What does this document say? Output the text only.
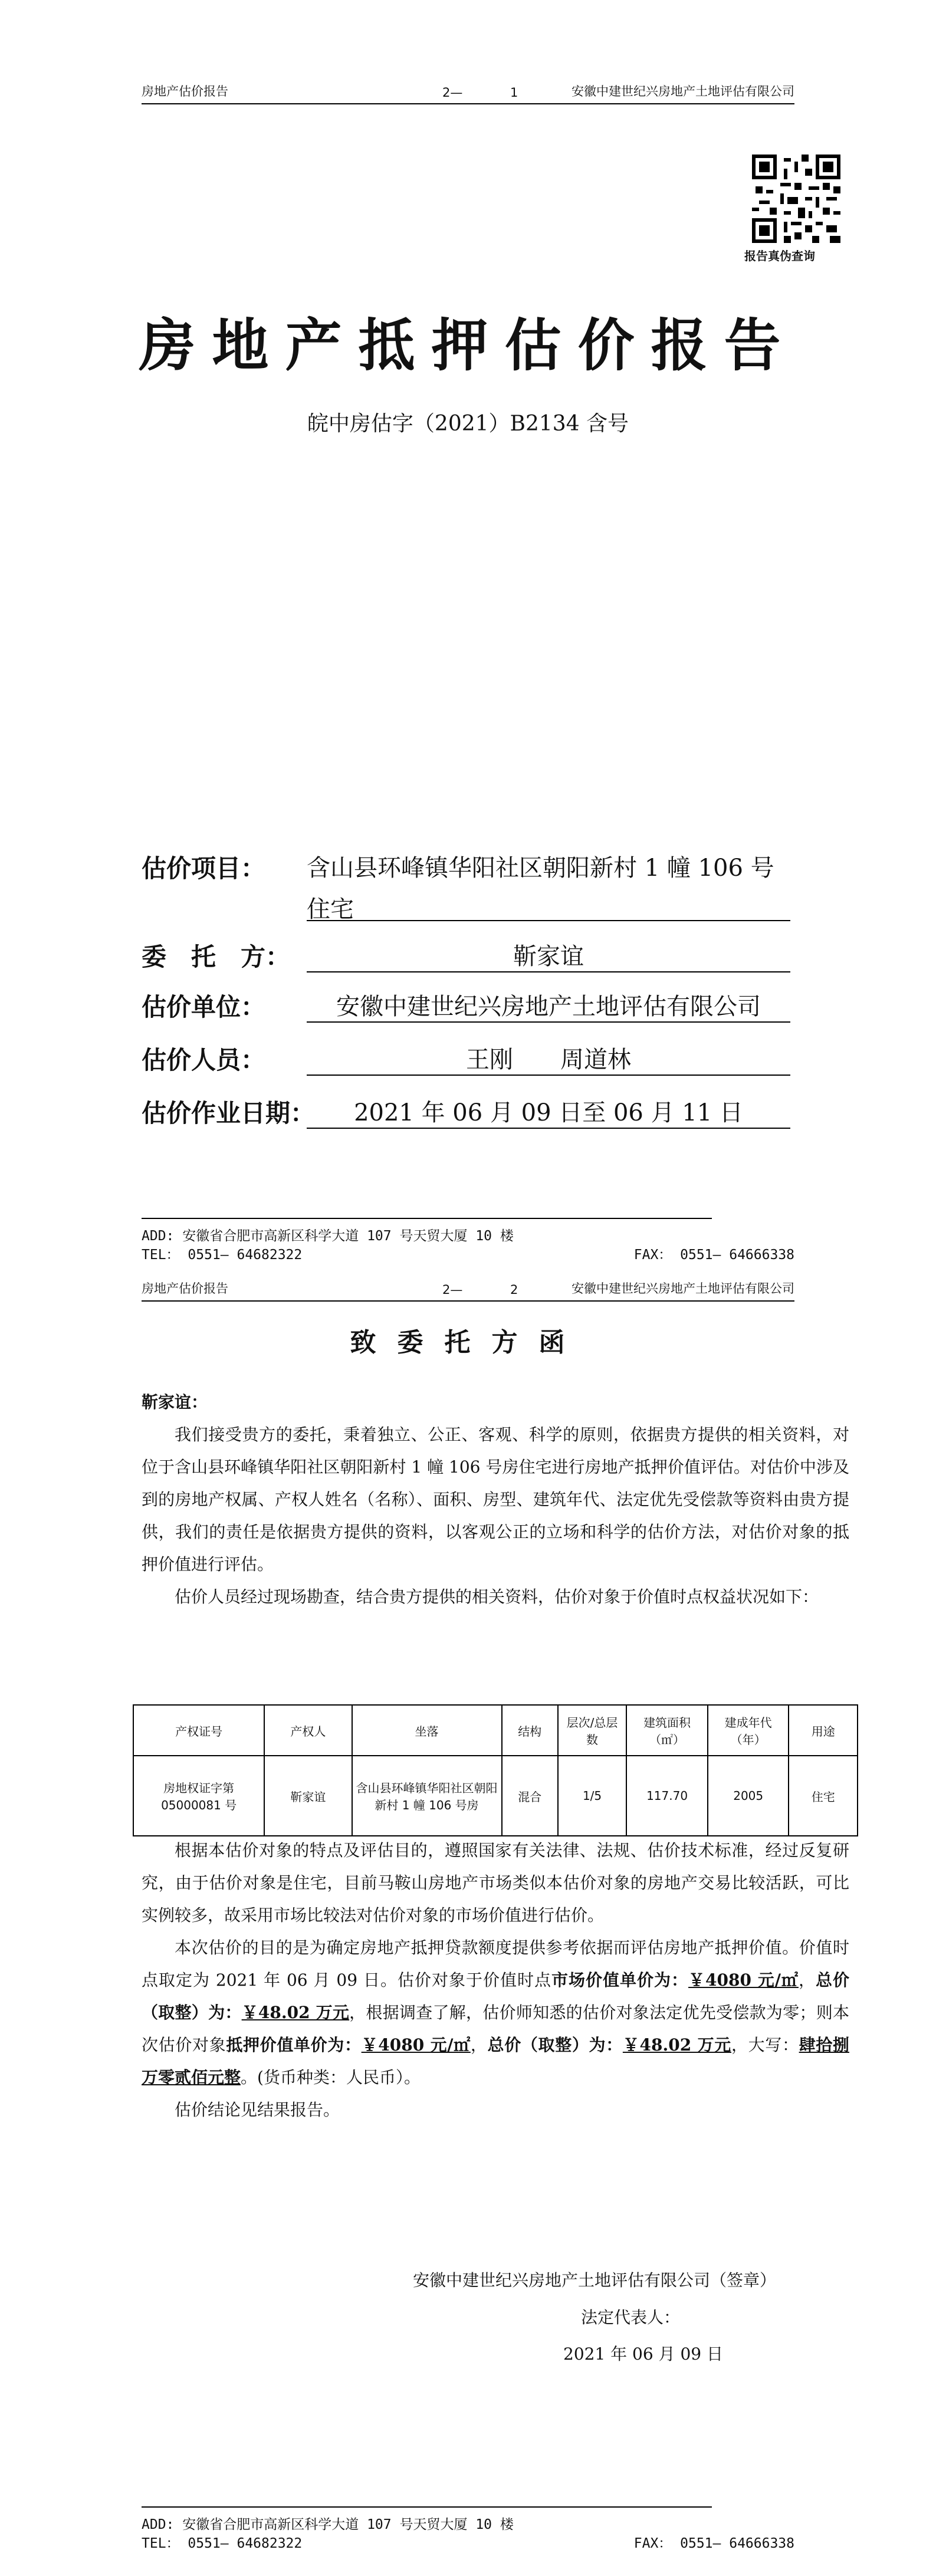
房地产估价报告	2—	1	安徽中建世纪兴房地产土地评估有限公司
报告真伪查询
房地产抵押估价报告
皖中房估字（2021）B2134 含号
估价项目： 含山县环峰镇华阳社区朝阳新村 1 幢 106 号
住宅
委　托　方：	靳家谊
估价单位：	安徽中建世纪兴房地产土地评估有限公司
估价人员：	王刚　　周道林
估价作业日期：	2021 年 06 月 09 日至 06 月 11 日
ADD: 安徽省合肥市高新区科学大道 107 号天贸大厦 10 楼
TEL： 0551— 64682322	FAX： 0551— 64666338
房地产估价报告	2—	2	安徽中建世纪兴房地产土地评估有限公司
致委托方函

靳家谊：

我们接受贵方的委托，秉着独立、公正、客观、科学的原则，依据贵方提供的相关资料，对位于含山县环峰镇华阳社区朝阳新村 1 幢 106 号房住宅进行房地产抵押价值评估。对估价中涉及到的房地产权属、产权人姓名（名称）、面积、房型、建筑年代、法定优先受偿款等资料由贵方提供，我们的责任是依据贵方提供的资料，以客观公正的立场和科学的估价方法，对估价对象的抵押价值进行评估。

估价人员经过现场勘查，结合贵方提供的相关资料，估价对象于价值时点权益状况如下：

产权证号	产权人	坐落	结构	层次/总层数	建筑面积（㎡）	建成年代（年）	用途
房地权证字第 05000081 号	靳家谊	含山县环峰镇华阳社区朝阳新村 1 幢 106 号房	混合	1/5	117.70	2005	住宅

根据本估价对象的特点及评估目的，遵照国家有关法律、法规、估价技术标准，经过反复研究，由于估价对象是住宅，目前马鞍山房地产市场类似本估价对象的房地产交易比较活跃，可比实例较多，故采用市场比较法对估价对象的市场价值进行估价。

本次估价的目的是为确定房地产抵押贷款额度提供参考依据而评估房地产抵押价值。价值时点取定为 2021 年 06 月 09 日。估价对象于价值时点市场价值单价为：￥4080 元/㎡，总价（取整）为：￥48.02 万元，根据调查了解，估价师知悉的估价对象法定优先受偿款为零；则本次估价对象抵押价值单价为：￥4080 元/㎡，总价（取整）为：￥48.02 万元，大写：肆拾捌万零贰佰元整。(货币种类：人民币）。

估价结论见结果报告。

安徽中建世纪兴房地产土地评估有限公司（签章）
法定代表人：
2021 年 06 月 09 日
ADD: 安徽省合肥市高新区科学大道 107 号天贸大厦 10 楼
TEL： 0551— 64682322	FAX： 0551— 64666338
